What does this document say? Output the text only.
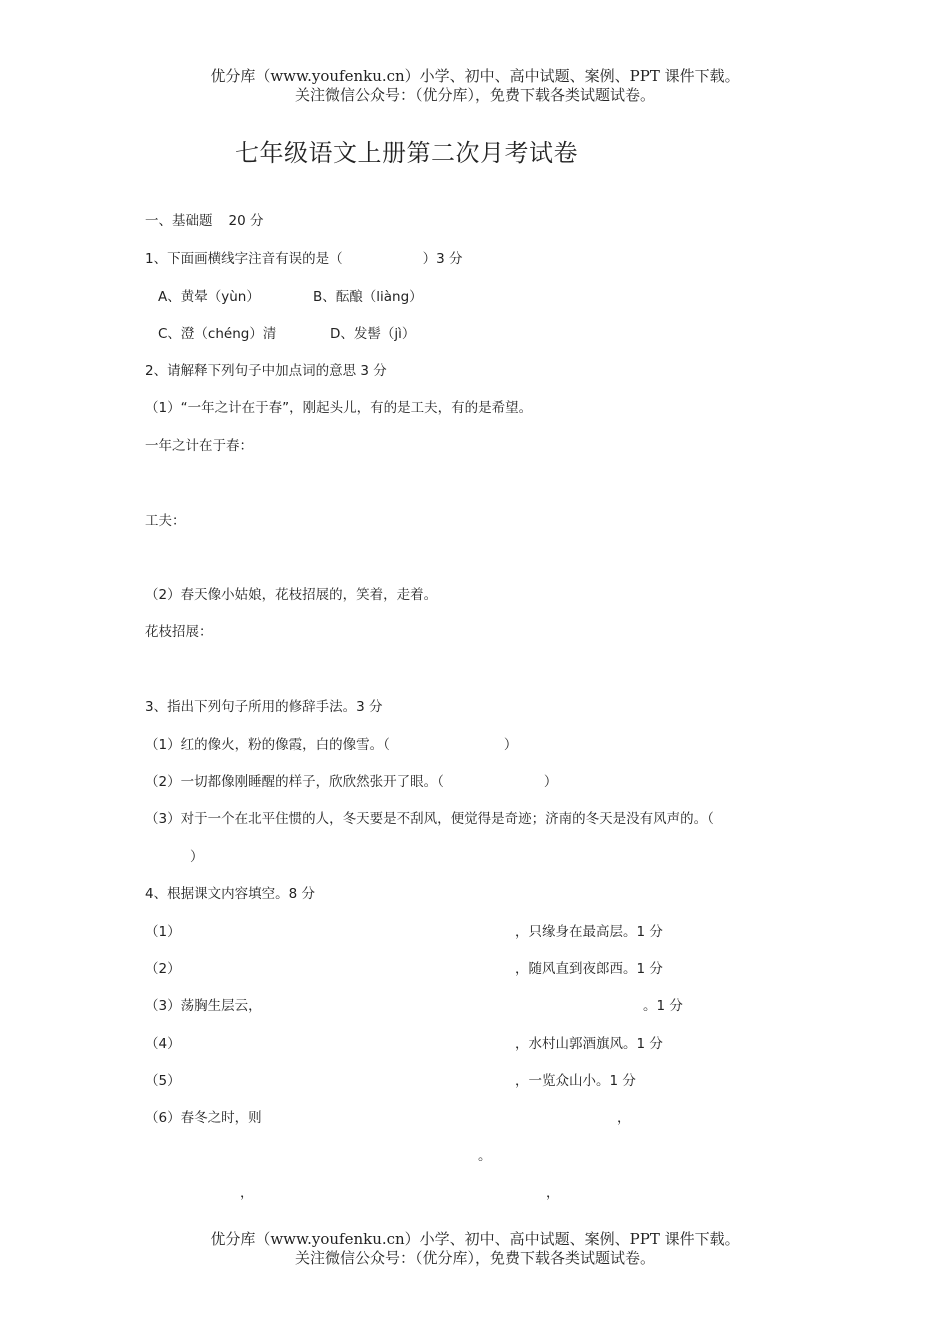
优分库（www.youfenku.cn）小学、初中、高中试题、案例、PPT 课件下载。
关注微信公众号：（优分库），免费下载各类试题试卷。
七年级语文上册第二次月考试卷
一、基础题 20 分
1、下面画横线字注音有误的是（	）3 分
A、黄晕（yùn）	B、酝酿（liàng）
C、澄（chéng）清	D、发髻（jì）
2、请解释下列句子中加点词的意思 3 分
（1）“一年之计在于春”，刚起头儿，有的是工夫，有的是希望。
一年之计在于春：
工夫：
（2）春天像小姑娘，花枝招展的，笑着，走着。
花枝招展：
3、指出下列句子所用的修辞手法。3 分
（1）红的像火，粉的像霞，白的像雪。（	）
（2）一切都像刚睡醒的样子，欣欣然张开了眼。（	）
（3）对于一个在北平住惯的人，冬天要是不刮风，便觉得是奇迹；济南的冬天是没有风声的。（
）
4、根据课文内容填空。8 分
（1）	，只缘身在最高层。1 分
（2）	，随风直到夜郎西。1 分
（3）荡胸生层云，	。1 分
（4）	，水村山郭酒旗风。1 分
（5）	，一览众山小。1 分
（6）春冬之时，则	，
。
，	，
优分库（www.youfenku.cn）小学、初中、高中试题、案例、PPT 课件下载。
关注微信公众号：（优分库），免费下载各类试题试卷。
